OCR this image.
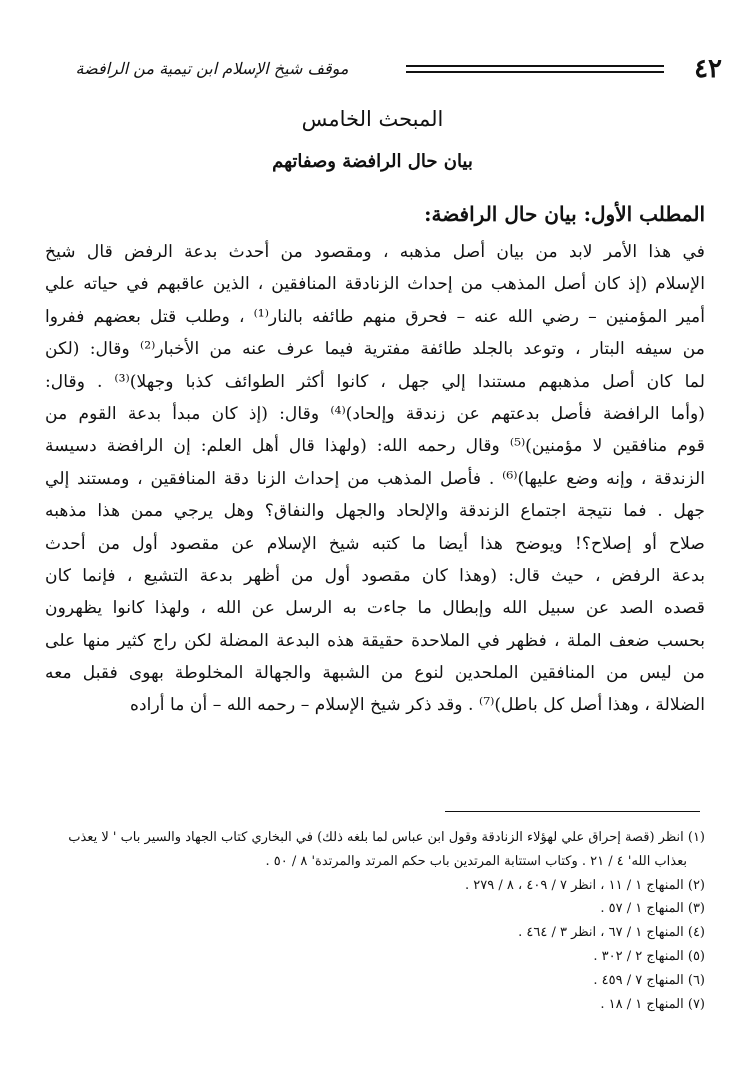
٤٢
موقف شيخ الإسلام ابن تيمية من الرافضة
المبحث الخامس
بيان حال الرافضة وصفاتهم
المطلب الأول: بيان حال الرافضة:
في هذا الأمر لابد من بيان أصل مذهبه ، ومقصود من أحدث بدعة الرفض قال شيخ
الإسلام (إذ كان أصل المذهب من إحداث الزنادقة المنافقين ، الذين عاقبهم في حياته علي
أمير المؤمنين – رضي الله عنه – فحرق منهم طائفه بالنار⁽¹⁾ ، وطلب قتل بعضهم ففروا
من سيفه البتار ، وتوعد بالجلد طائفة مفترية فيما عرف عنه من الأخبار⁽²⁾ وقال: (لكن
لما كان أصل مذهبهم مستندا إلي جهل ، كانوا أكثر الطوائف كذبا وجهلا)⁽³⁾ . وقال:
(وأما الرافضة فأصل بدعتهم عن زندقة وإلحاد)⁽⁴⁾ وقال: (إذ كان مبدأ بدعة القوم من
قوم منافقين لا مؤمنين)⁽⁵⁾ وقال رحمه الله: (ولهذا قال أهل العلم: إن الرافضة دسيسة
الزندقة ، وإنه وضع عليها)⁽⁶⁾ . فأصل المذهب من إحداث الزنا دقة المنافقين ، ومستند إلي
جهل . فما نتيجة اجتماع الزندقة والإلحاد والجهل والنفاق؟ وهل يرجي ممن هذا مذهبه
صلاح أو إصلاح؟! ويوضح هذا أيضا ما كتبه شيخ الإسلام عن مقصود أول من أحدث
بدعة الرفض ، حيث قال: (وهذا كان مقصود أول من أظهر بدعة التشيع ، فإنما كان
قصده الصد عن سبيل الله وإبطال ما جاءت به الرسل عن الله ، ولهذا كانوا يظهرون
بحسب ضعف الملة ، فظهر في الملاحدة حقيقة هذه البدعة المضلة لكن راج كثير منها على
من ليس من المنافقين الملحدين لنوع من الشبهة والجهالة المخلوطة بهوى فقبل معه
الضلالة ، وهذا أصل كل باطل)⁽⁷⁾ . وقد ذكر شيخ الإسلام – رحمه الله – أن ما أراده
(١) انظر (قصة إحراق علي لهؤلاء الزنادقة وقول ابن عباس لما بلغه ذلك) في البخاري كتاب الجهاد والسير باب ' لا يعذب
بعذاب الله' ٤ / ٢١ . وكتاب استتابة المرتدين باب حكم المرتد والمرتدة' ٨ / ٥٠ .
(٢) المنهاج ١ / ١١ ، انظر ٧ / ٤٠٩ ، ٨ / ٢٧٩ .
(٣) المنهاج ١ / ٥٧ .
(٤) المنهاج ١ / ٦٧ ، انظر ٣ / ٤٦٤ .
(٥) المنهاج ٢ / ٣٠٢ .
(٦) المنهاج ٧ / ٤٥٩ .
(٧) المنهاج ١ / ١٨ .
